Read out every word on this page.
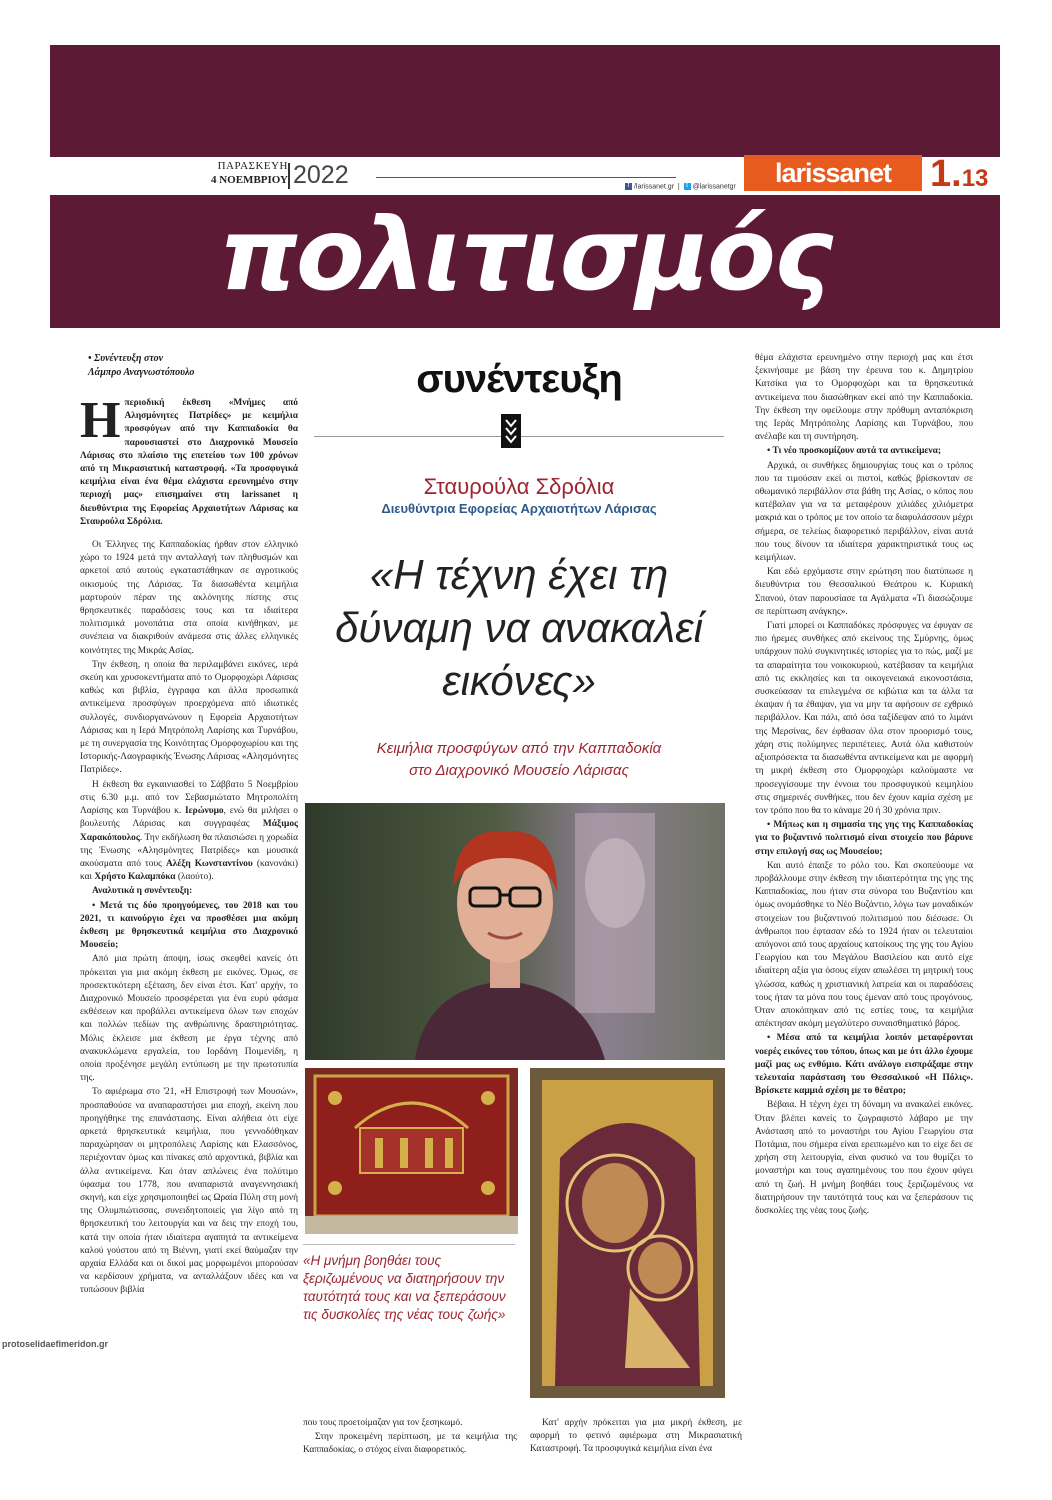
ΠΑΡΑΣΚΕΥΗ
4 ΝΟΕΜΒΡΙΟΥ 2022	f /larissanet.gr  |  t @larissanetgr	larissanet	1.13
πολιτισμός
• Συνέντευξη στον
Λάμπρο Αναγνωστόπουλο

Ηπεριοδική έκθεση «Μνήμες από Αλησμόνητες Πατρίδες» με κειμήλια προσφύγων από την Καππαδοκία θα παρουσιαστεί στο Διαχρονικό Μουσείο Λάρισας στο πλαίσιο της επετείου των 100 χρόνων από τη Μικρασιατική καταστροφή. «Τα προσφυγικά κειμήλια είναι ένα θέμα ελάχιστα ερευνημένο στην περιοχή μας» επισημαίνει στη larissanet η διευθύντρια της Εφορείας Αρχαιοτήτων Λάρισας κα Σταυρούλα Σδρόλια.

Οι Έλληνες της Καππαδοκίας ήρθαν στον ελληνικό χώρο το 1924 μετά την ανταλλαγή των πληθυσμών και αρκετοί από αυτούς εγκαταστάθηκαν σε αγροτικούς οικισμούς της Λάρισας. Τα διασωθέντα κειμήλια μαρτυρούν πέραν της ακλόνητης πίστης στις θρησκευτικές παραδόσεις τους και τα ιδιαίτερα πολιτισμικά μονοπάτια στα οποία κινήθηκαν, με συνέπεια να διακριθούν ανάμεσα στις άλλες ελληνικές κοινότητες της Μικράς Ασίας.

Την έκθεση, η οποία θα περιλαμβάνει εικόνες, ιερά σκεύη και χρυσοκεντήματα από το Ομορφοχώρι Λάρισας καθώς και βιβλία, έγγραφα και άλλα προσωπικά αντικείμενα προσφύγων προερχόμενα από ιδιωτικές συλλογές, συνδιοργανώνουν η Εφορεία Αρχαιοτήτων Λάρισας και η Ιερά Μητρόπολη Λαρίσης και Τυρνάβου, με τη συνεργασία της Κοινότητας Ομορφοχωρίου και της Ιστορικής-Λαογραφικής Ένωσης Λάρισας «Αλησμόνητες Πατρίδες».

Η έκθεση θα εγκαινιασθεί το Σάββατο 5 Νοεμβρίου στις 6.30 μ.μ. από τον Σεβασμιώτατο Μητροπολίτη Λαρίσης και Τυρνάβου κ. Ιερώνυμο, ενώ θα μιλήσει ο βουλευτής Λάρισας και συγγραφέας Μάξιμος Χαρακόπουλος. Την εκδήλωση θα πλαισιώσει η χορωδία της Ένωσης «Αλησμόνητες Πατρίδες» και μουσικά ακούσματα από τους Αλέξη Κωνσταντίνου (κανονάκι) και Χρήστο Καλαμπόκα (λαούτο).

Αναλυτικά η συνέντευξη:

• Μετά τις δύο προηγούμενες, του 2018 και του 2021, τι καινούργιο έχει να προσθέσει μια ακόμη έκθεση με θρησκευτικά κειμήλια στο Διαχρονικό Μουσείο;

Από μια πρώτη άποψη, ίσως σκεφθεί κανείς ότι πρόκειται για μια ακόμη έκθεση με εικόνες. Όμως, σε προσεκτικότερη εξέταση, δεν είναι έτσι. Κατ' αρχήν, το Διαχρονικό Μουσείο προσφέρεται για ένα ευρύ φάσμα εκθέσεων και προβάλλει αντικείμενα όλων των εποχών και πολλών πεδίων της ανθρώπινης δραστηριότητας. Μόλις έκλεισε μια έκθεση με έργα τέχνης από ανακυκλώμενα εργαλεία, του Ιορδάνη Ποιμενίδη, η οποία προξένησε μεγάλη εντύπωση με την πρωτοτυπία της.

Το αφιέρωμα στο '21, «Η Επιστροφή των Μουσών», προσπαθούσε να αναπαραστήσει μια εποχή, εκείνη που προηγήθηκε της επανάστασης. Είναι αλήθεια ότι είχε αρκετά θρησκευτικά κειμήλια, που γεννοδόθηκαν παραχώρησαν οι μητροπόλεις Λαρίσης και Ελασσόνος, περιέχονταν όμως και πίνακες από αρχοντικά, βιβλία και άλλα αντικείμενα. Και όταν απλώνεις ένα πολύτιμο ύφασμα του 1778, που αναπαριστά αναγεννησιακή σκηνή, και είχε χρησιμοποιηθεί ως Ωραία Πύλη στη μονή της Ολυμπιώτισσας, συνειδητοποιείς για λίγο από τη θρησκευτική του λειτουργία και να δεις την εποχή του, κατά την οποία ήταν ιδιαίτερα αγαπητά τα αντικείμενα καλού γούστου από τη Βιέννη, γιατί εκεί θαύμαζαν την αρχαία Ελλάδα και οι δικοί μας μορφωμένοι μπορούσαν να κερδίσουν χρήματα, να ανταλλάξουν ιδέες και να τυπώσουν βιβλία

συνέντευξη
Σταυρούλα Σδρόλια
Διευθύντρια Εφορείας Αρχαιοτήτων Λάρισας
«Η τέχνη έχει τη δύναμη να ανακαλεί εικόνες»
Κειμήλια προσφύγων από την Καππαδοκία
στο Διαχρονικό Μουσείο Λάρισας
«Η μνήμη βοηθάει τους ξεριζωμένους να διατηρήσουν την ταυτότητά τους και να ξεπεράσουν τις δυσκολίες της νέας τους ζωής»

που τους προετοίμαζαν για τον ξεσηκωμό.

Στην προκειμένη περίπτωση, με τα κειμήλια της Καππαδοκίας, ο στόχος είναι διαφορετικός.

Κατ' αρχήν πρόκειται για μια μικρή έκθεση, με αφορμή το φετινό αφιέρωμα στη Μικρασιατική Καταστροφή. Τα προσφυγικά κειμήλια είναι ένα

θέμα ελάχιστα ερευνημένο στην περιοχή μας και έτσι ξεκινήσαμε με βάση την έρευνα του κ. Δημητρίου Κατσίκα για το Ομορφοχώρι και τα θρησκευτικά αντικείμενα που διασώθηκαν εκεί από την Καππαδοκία. Την έκθεση την οφείλουμε στην πρόθυμη ανταπόκριση της Ιεράς Μητρόπολης Λαρίσης και Τυρνάβου, που ανέλαβε και τη συντήρηση.

• Τι νέο προσκομίζουν αυτά τα αντικείμενα;

Αρχικά, οι συνθήκες δημιουργίας τους και ο τρόπος που τα τιμούσαν εκεί οι πιστοί, καθώς βρίσκονταν σε οθωμανικό περιβάλλον στα βάθη της Ασίας, ο κόπος που κατέβαλαν για να τα μεταφέρουν χιλιάδες χιλιόμετρα μακριά και ο τρόπος με τον οποίο τα διαφυλάσσουν μέχρι σήμερα, σε τελείως διαφορετικό περιβάλλον, είναι αυτά που τους δίνουν τα ιδιαίτερα χαρακτηριστικά τους ως κειμήλιων.

Και εδώ ερχόμαστε στην ερώτηση που διατύπωσε η διευθύντρια του Θεσσαλικού Θεάτρου κ. Κυριακή Σπανού, όταν παρουσίασε τα Αγάλματα «Τι διασώζουμε σε περίπτωση ανάγκης».

Γιατί μπορεί οι Καππαδόκες πρόσφυγες να έφυγαν σε πιο ήρεμες συνθήκες από εκείνους της Σμύρνης, όμως υπάρχουν πολύ συγκινητικές ιστορίες για το πώς, μαζί με τα απαραίτητα του νοικοκυριού, κατέβασαν τα κειμήλια από τις εκκλησίες και τα οικογενειακά εικονοστάσια, συσκεύασαν τα επιλεγμένα σε κιβώτια και τα άλλα τα έκαψαν ή τα έθαψαν, για να μην τα αφήσουν σε εχθρικό περιβάλλον. Και πάλι, από όσα ταξίδεψαν από το λιμάνι της Μερσίνας, δεν έφθασαν όλα στον προορισμό τους, χάρη στις πολύμηνες περιπέτειες. Αυτά όλα καθιστούν αξιοπρόσεκτα τα διασωθέντα αντικείμενα και με αφορμή τη μικρή έκθεση στο Ομορφοχώρι καλούμαστε να προσεγγίσουμε την έννοια του προσφυγικού κειμηλίου στις σημερινές συνθήκες, που δεν έχουν καμία σχέση με τον τρόπο που θα το κάναμε 20 ή 30 χρόνια πριν.

• Μήπως και η σημασία της γης της Καππαδοκίας για το βυζαντινό πολιτισμό είναι στοιχείο που βάρυνε στην επιλογή σας ως Μουσείου;

Και αυτό έπαιξε το ρόλο του. Και σκοπεύουμε να προβάλλουμε στην έκθεση την ιδιαιτερότητα της γης της Καππαδοκίας, που ήταν στα σύνορα του Βυζαντίου και όμως ονομάσθηκε το Νέο Βυζάντιο, λόγω των μοναδικών στοιχείων του βυζαντινού πολιτισμού που διέσωσε. Οι άνθρωποι που έφτασαν εδώ το 1924 ήταν οι τελευταίοι απόγονοι από τους αρχαίους κατοίκους της γης του Αγίου Γεωργίου και του Μεγάλου Βασιλείου και αυτό είχε ιδιαίτερη αξία για όσους είχαν απωλέσει τη μητρική τους γλώσσα, καθώς η χριστιανική λατρεία και οι παραδόσεις τους ήταν τα μόνα που τους έμεναν από τους προγόνους. Όταν αποκόπηκαν από τις εστίες τους, τα κειμήλια απέκτησαν ακόμη μεγαλύτερο συναισθηματικό βάρος.

• Μέσα από τα κειμήλια λοιπόν μεταφέρονται νοερές εικόνες του τόπου, όπως και με ότι άλλο έχουμε μαζί μας ως ενθύμιο. Κάτι ανάλογο εισπράξαμε στην τελευταία παράσταση του Θεσσαλικού «Η Πόλις». Βρίσκετε καμμιά σχέση με το θέατρο;

Βέβαια. Η τέχνη έχει τη δύναμη να ανακαλεί εικόνες. Όταν βλέπει κανείς το ζωγραφιστό λάβαρο με την Ανάσταση από το μοναστήρι του Αγίου Γεωργίου στα Ποτάμια, που σήμερα είναι ερειπωμένο και το είχε δει σε χρήση στη λειτουργία, είναι φυσικό να του θυμίζει το μοναστήρι και τους αγαπημένους του που έχουν φύγει από τη ζωή. Η μνήμη βοηθάει τους ξεριζωμένους να διατηρήσουν την ταυτότητά τους και να ξεπεράσουν τις δυσκολίες της νέας τους ζωής.

protoselidaefimeridon.gr
